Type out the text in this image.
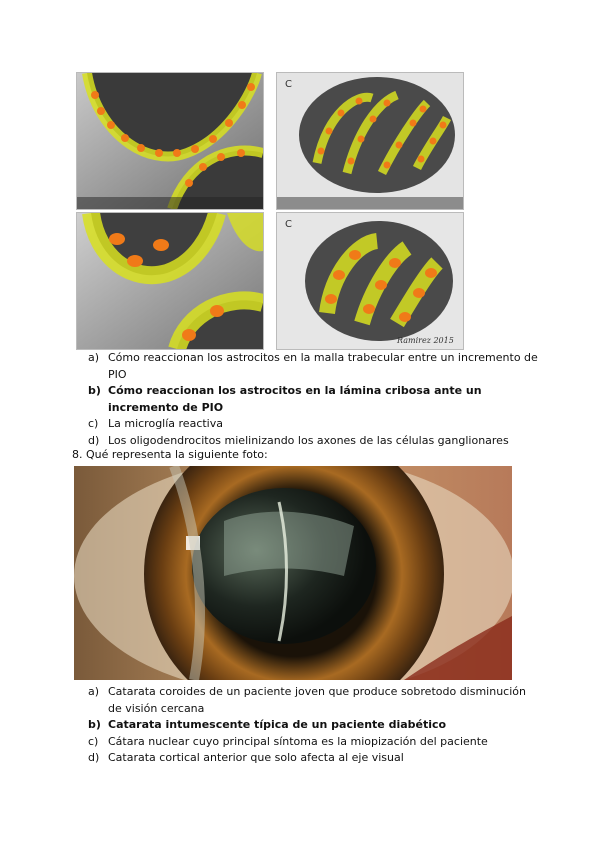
C
C
Ramirez 2015
a) Cómo reaccionan los astrocitos en la malla trabecular entre un incremento de PIO
b) Cómo reaccionan los astrocitos en la lámina cribosa ante un incremento de PIO
c) La microglía reactiva
d) Los oligodendrocitos mielinizando los axones de las células ganglionares
8. Qué representa la siguiente foto:
a) Catarata coroides de un paciente joven que produce sobretodo disminución de visión cercana
b) Catarata intumescente típica de un paciente diabético
c) Cátara nuclear cuyo principal síntoma es la miopización del paciente
d) Catarata cortical anterior que solo afecta al eje visual
